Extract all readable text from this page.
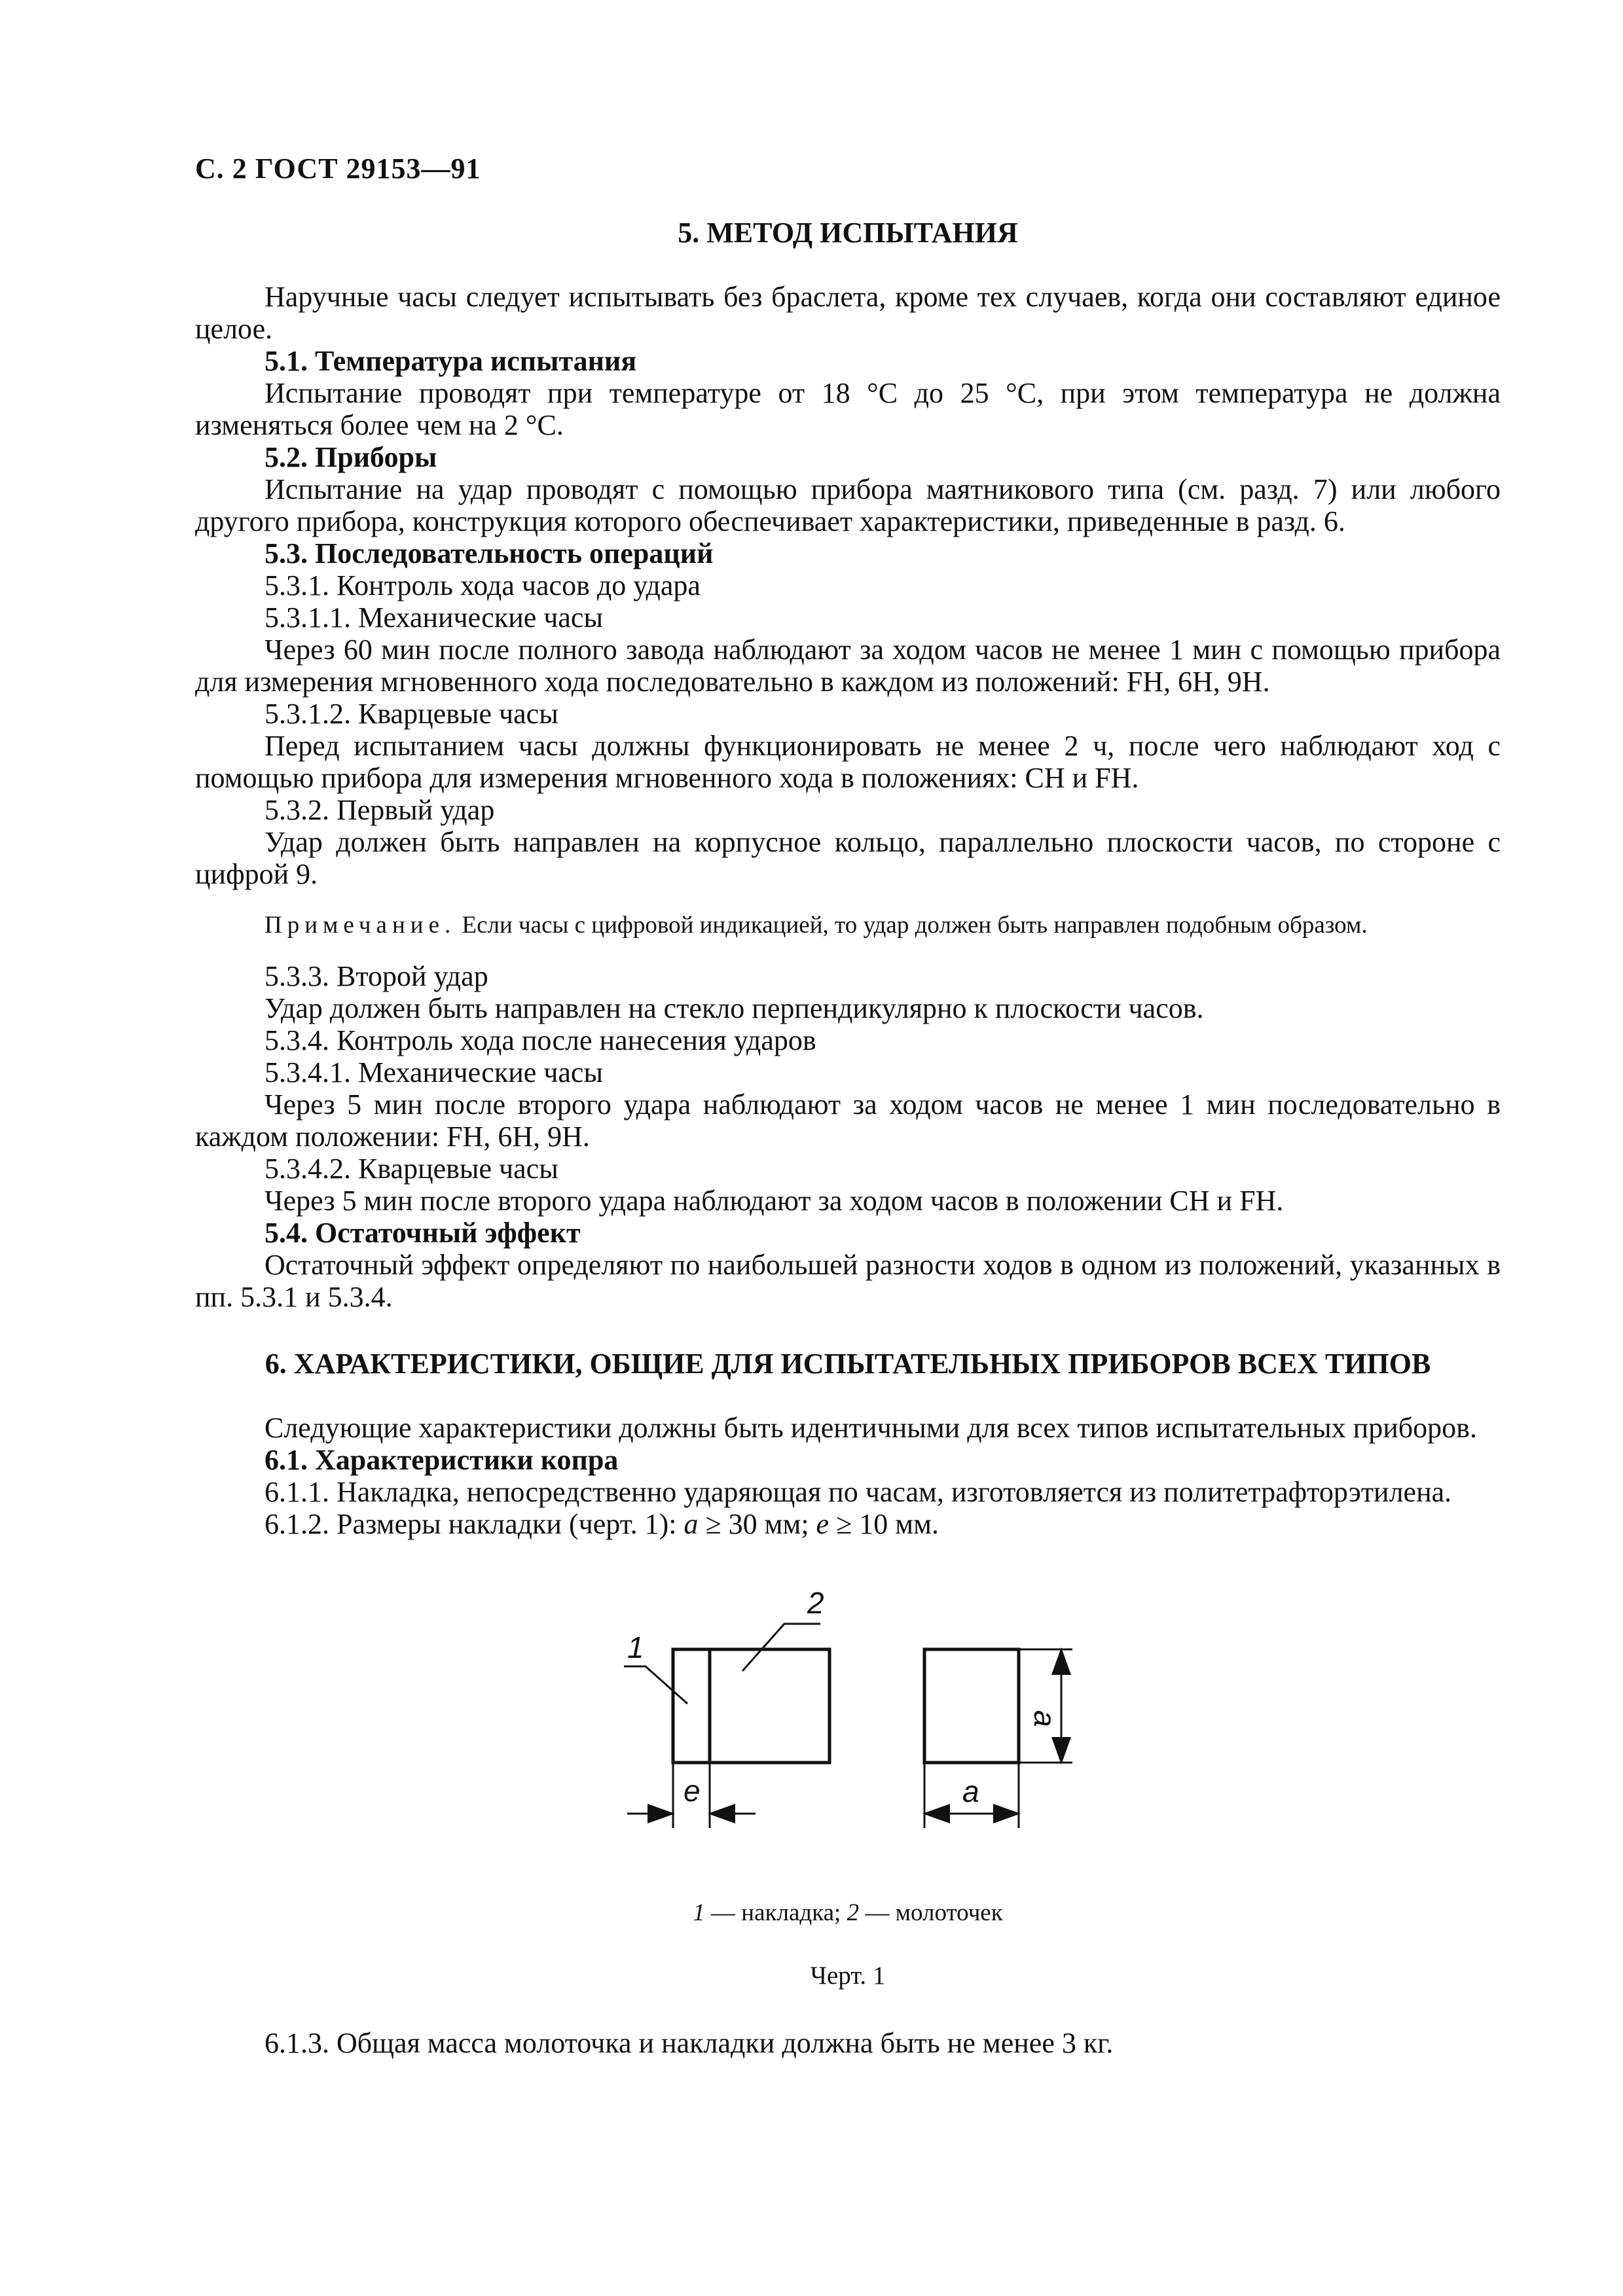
С. 2 ГОСТ 29153—91
5. МЕТОД ИСПЫТАНИЯ

Наручные часы следует испытывать без браслета, кроме тех случаев, когда они составляют единое целое.

5.1. Температура испытания

Испытание проводят при температуре от 18 °С до 25 °С, при этом температура не должна изменяться более чем на 2 °С.

5.2. Приборы

Испытание на удар проводят с помощью прибора маятникового типа (см. разд. 7) или любого другого прибора, конструкция которого обеспечивает характеристики, приведенные в разд. 6.

5.3. Последовательность операций

5.3.1. Контроль хода часов до удара

5.3.1.1. Механические часы

Через 60 мин после полного завода наблюдают за ходом часов не менее 1 мин с помощью прибора для измерения мгновенного хода последовательно в каждом из положений: FH, 6H, 9H.

5.3.1.2. Кварцевые часы

Перед испытанием часы должны функционировать не менее 2 ч, после чего наблюдают ход с помощью прибора для измерения мгновенного хода в положениях: CH и FH.

5.3.2. Первый удар

Удар должен быть направлен на корпусное кольцо, параллельно плоскости часов, по стороне с цифрой 9.

Примечание. Если часы с цифровой индикацией, то удар должен быть направлен подобным образом.

5.3.3. Второй удар

Удар должен быть направлен на стекло перпендикулярно к плоскости часов.

5.3.4. Контроль хода после нанесения ударов

5.3.4.1. Механические часы

Через 5 мин после второго удара наблюдают за ходом часов не менее 1 мин последовательно в каждом положении: FH, 6H, 9H.

5.3.4.2. Кварцевые часы

Через 5 мин после второго удара наблюдают за ходом часов в положении CH и FH.

5.4. Остаточный эффект

Остаточный эффект определяют по наибольшей разности ходов в одном из положений, указанных в пп. 5.3.1 и 5.3.4.

6. ХАРАКТЕРИСТИКИ, ОБЩИЕ ДЛЯ ИСПЫТАТЕЛЬНЫХ ПРИБОРОВ ВСЕХ ТИПОВ

Следующие характеристики должны быть идентичными для всех типов испытательных приборов.

6.1. Характеристики копра

6.1.1. Накладка, непосредственно ударяющая по часам, изготовляется из политетрафторэтилена.

6.1.2. Размеры накладки (черт. 1): a ≥ 30 мм; e ≥ 10 мм.

1
2
e	a
a
1 — накладка; 2 — молоточек
Черт. 1

6.1.3. Общая масса молоточка и накладки должна быть не менее 3 кг.
